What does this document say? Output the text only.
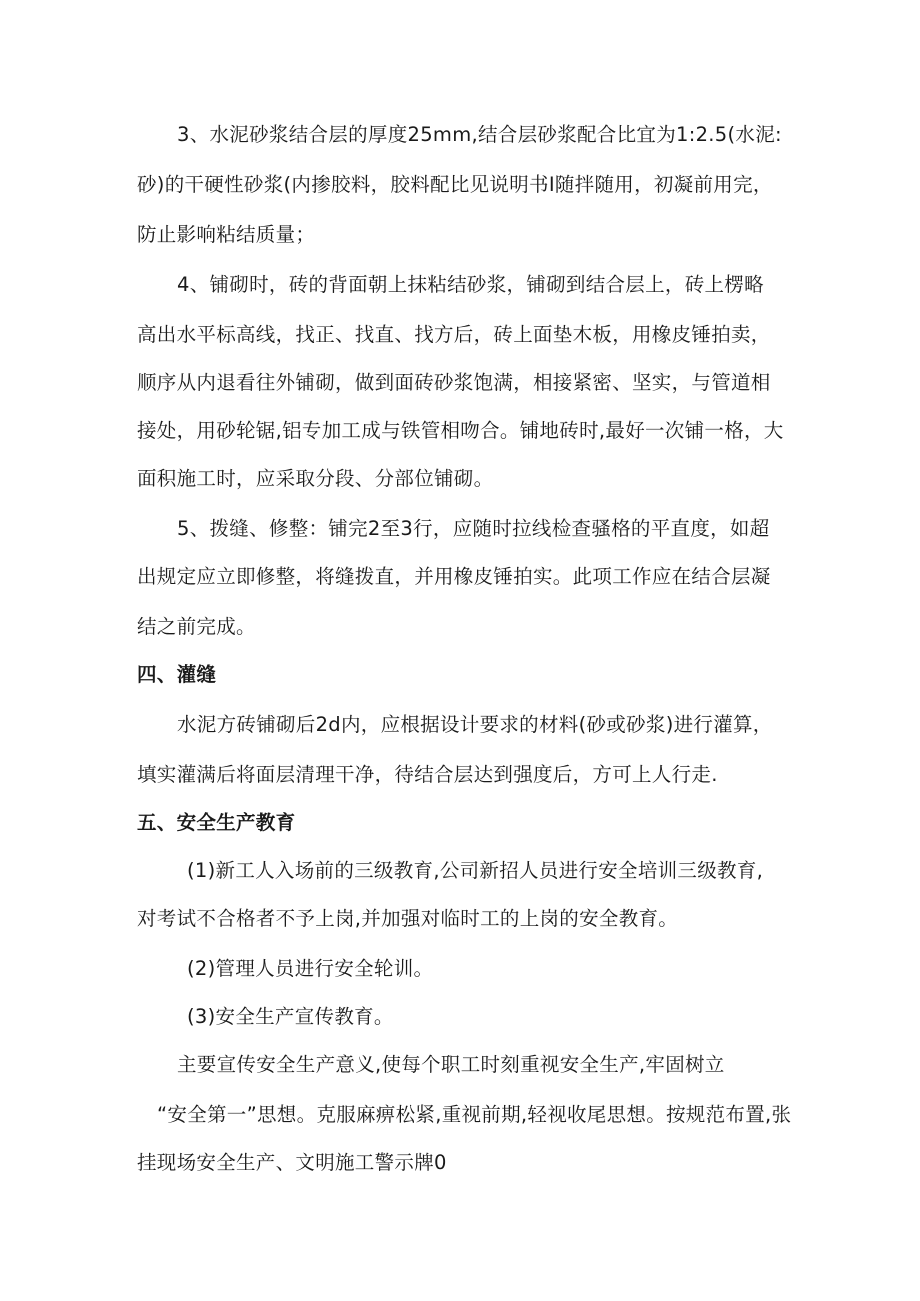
3、水泥砂浆结合层的厚度25mm,结合层砂浆配合比宜为1:2.5(水泥:
砂)的干硬性砂浆(内掺胶料，胶料配比见说明书I随拌随用，初凝前用完，
防止影响粘结质量；
4、铺砌时，砖的背面朝上抹粘结砂浆，铺砌到结合层上，砖上楞略
高出水平标高线，找正、找直、找方后，砖上面垫木板，用橡皮锤拍卖，
顺序从内退看往外铺砌，做到面砖砂浆饱满，相接紧密、坚实，与管道相
接处，用砂轮锯,铝专加工成与铁管相吻合。铺地砖时,最好一次铺一格，大
面积施工时，应采取分段、分部位铺砌。
5、拨缝、修整：铺完2至3行，应随时拉线检查骚格的平直度，如超
出规定应立即修整，将缝拨直，并用橡皮锤拍实。此项工作应在结合层凝
结之前完成。
四、灌缝
水泥方砖铺砌后2d内，应根据设计要求的材料(砂或砂浆)进行灌算，
填实灌满后将面层清理干净，待结合层达到强度后，方可上人行走.
五、安全生产教育
(1)新工人入场前的三级教育,公司新招人员进行安全培训三级教育,
对考试不合格者不予上岗,并加强对临时工的上岗的安全教育。
(2)管理人员进行安全轮训。
(3)安全生产宣传教育。
主要宣传安全生产意义,使每个职工时刻重视安全生产,牢固树立
“安全第一”思想。克服麻痹松紧,重视前期,轻视收尾思想。按规范布置,张
挂现场安全生产、文明施工警示牌0
